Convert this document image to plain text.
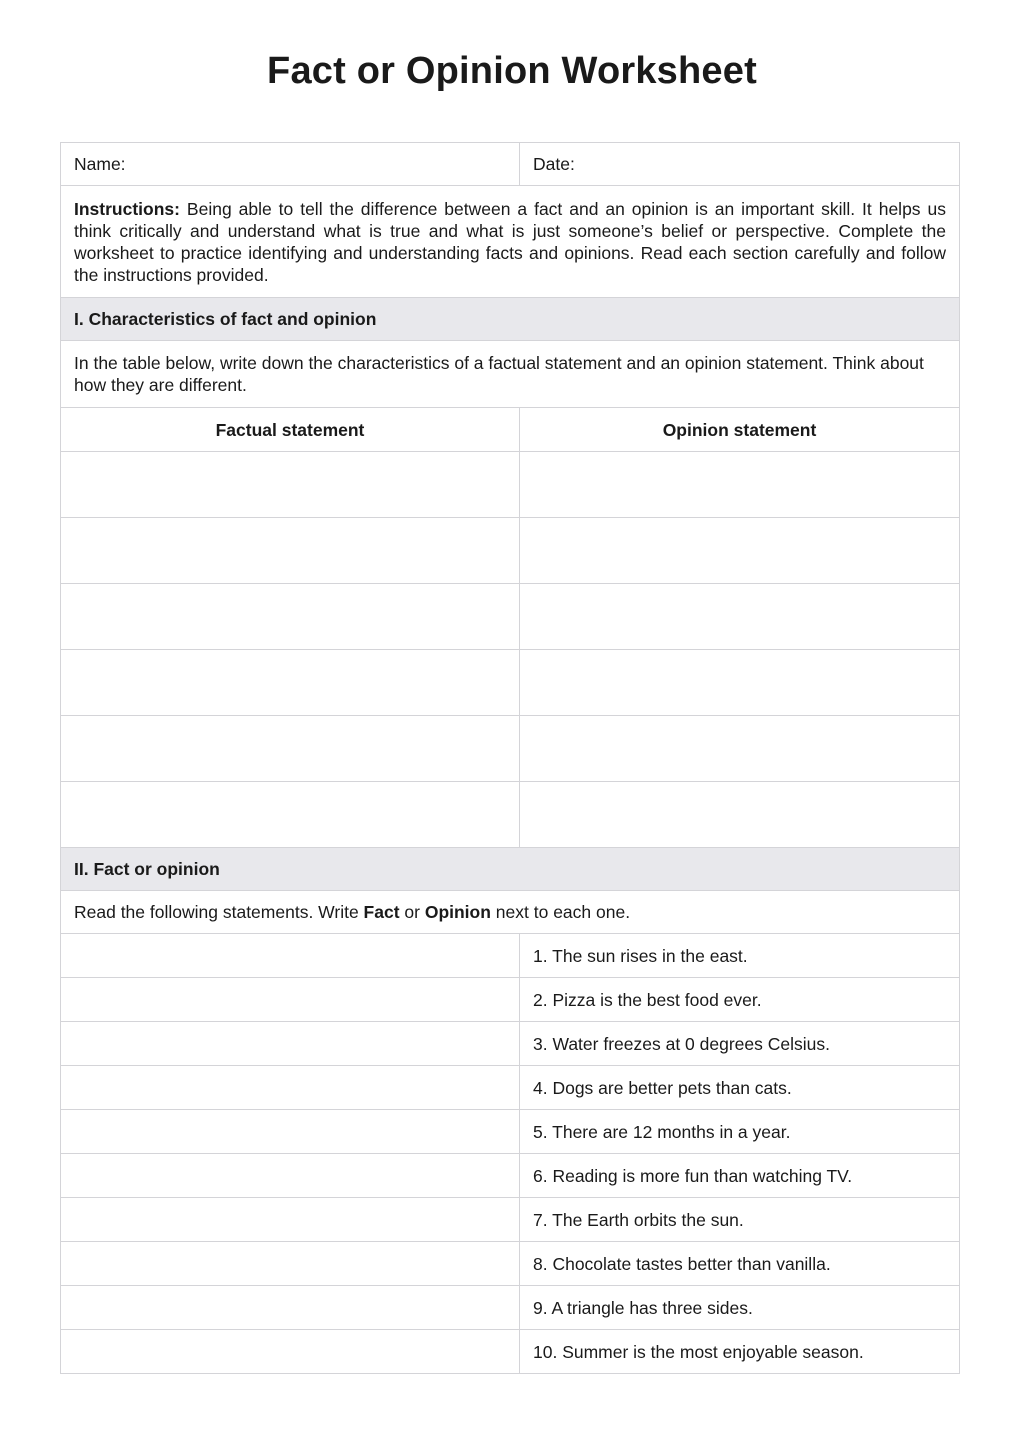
Fact or Opinion Worksheet
Name:	Date:
Instructions: Being able to tell the difference between a fact and an opinion is an important skill. It helps us think critically and understand what is true and what is just someone’s belief or perspective. Complete the worksheet to practice identifying and understanding facts and opinions. Read each section carefully and follow the instructions provided.	
I. Characteristics of fact and opinion	
In the table below, write down the characteristics of a factual statement and an opinion statement. Think about how they are different.	
Factual statement	Opinion statement

II. Fact or opinion	
Read the following statements. Write Fact or Opinion next to each one.	
	1. The sun rises in the east.
	2. Pizza is the best food ever.
	3. Water freezes at 0 degrees Celsius.
	4. Dogs are better pets than cats.
	5. There are 12 months in a year.
	6. Reading is more fun than watching TV.
	7. The Earth orbits the sun.
	8. Chocolate tastes better than vanilla.
	9. A triangle has three sides.
	10. Summer is the most enjoyable season.
